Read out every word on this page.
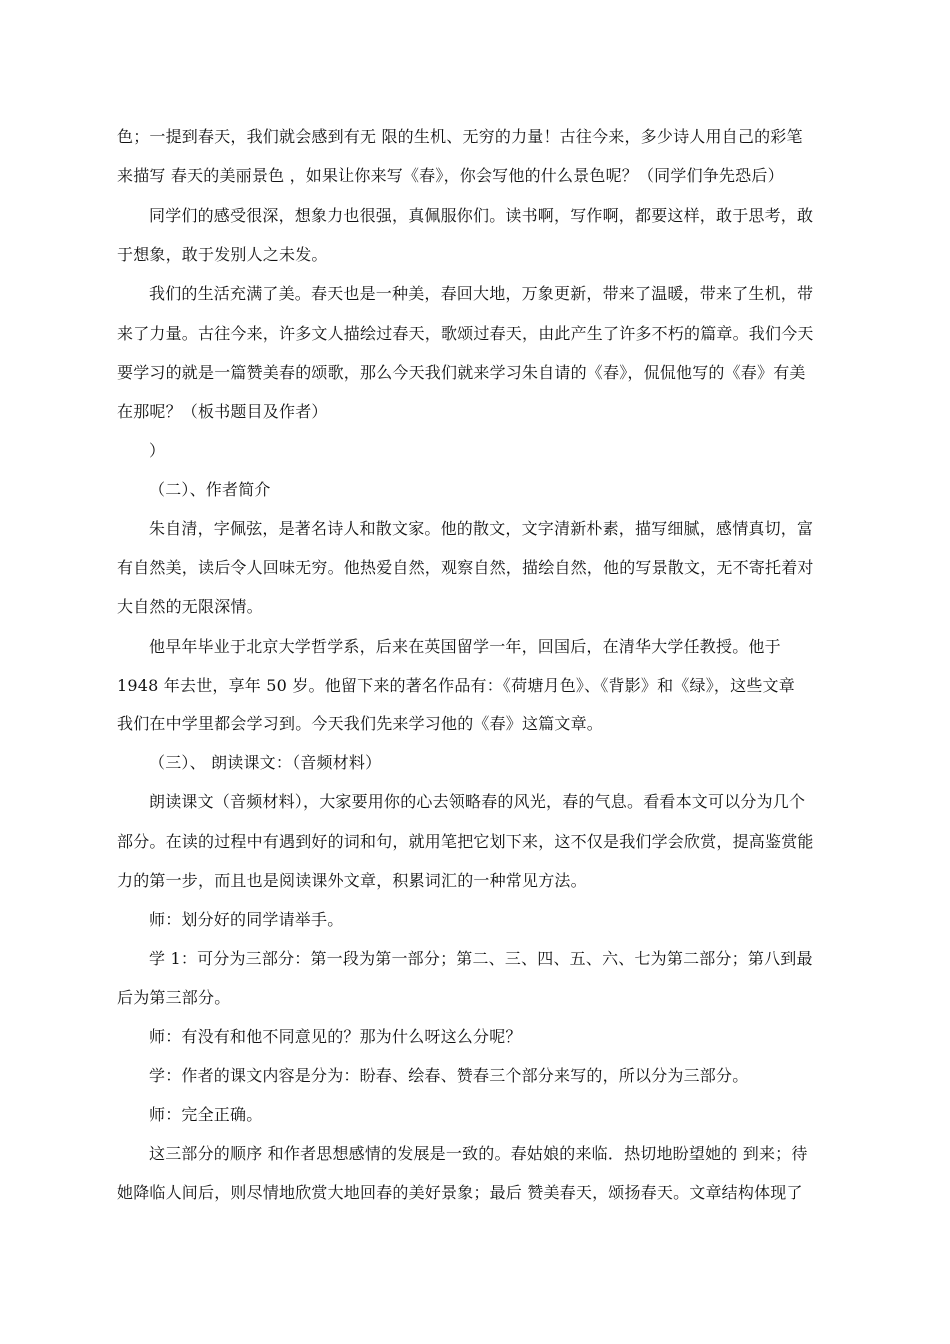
色；一提到春天，我们就会感到有无 限的生机、无穷的力量！古往今来，多少诗人用自己的彩笔
来描写 春天的美丽景色 ，如果让你来写《春》，你会写他的什么景色呢？（同学们争先恐后）
同学们的感受很深，想象力也很强，真佩服你们。读书啊，写作啊，都要这样，敢于思考，敢
于想象，敢于发别人之未发。
我们的生活充满了美。春天也是一种美，春回大地，万象更新，带来了温暖，带来了生机，带
来了力量。古往今来，许多文人描绘过春天，歌颂过春天，由此产生了许多不朽的篇章。我们今天
要学习的就是一篇赞美春的颂歌，那么今天我们就来学习朱自请的《春》，侃侃他写的《春》有美
在那呢？（板书题目及作者）
）
（二）、作者简介
朱自清，字佩弦，是著名诗人和散文家。他的散文，文字清新朴素，描写细腻，感情真切，富
有自然美，读后令人回味无穷。他热爱自然，观察自然，描绘自然，他的写景散文，无不寄托着对
大自然的无限深情。
他早年毕业于北京大学哲学系，后来在英国留学一年，回国后，在清华大学任教授。他于
1948 年去世，享年 50 岁。他留下来的著名作品有：《荷塘月色》、《背影》和《绿》，这些文章
我们在中学里都会学习到。今天我们先来学习他的《春》这篇文章。
（三）、 朗读课文：（音频材料）
朗读课文（音频材料），大家要用你的心去领略春的风光，春的气息。看看本文可以分为几个
部分。在读的过程中有遇到好的词和句，就用笔把它划下来，这不仅是我们学会欣赏，提高鉴赏能
力的第一步，而且也是阅读课外文章，积累词汇的一种常见方法。
师：划分好的同学请举手。
学 1：可分为三部分：第一段为第一部分；第二、三、四、五、六、七为第二部分；第八到最
后为第三部分。
师：有没有和他不同意见的？那为什么呀这么分呢？
学：作者的课文内容是分为：盼春、绘春、赞春三个部分来写的，所以分为三部分。
师：完全正确。
这三部分的顺序 和作者思想感情的发展是一致的。春姑娘的来临．热切地盼望她的 到来；待
她降临人间后，则尽情地欣赏大地回春的美好景象；最后 赞美春天，颂扬春天。文章结构体现了
